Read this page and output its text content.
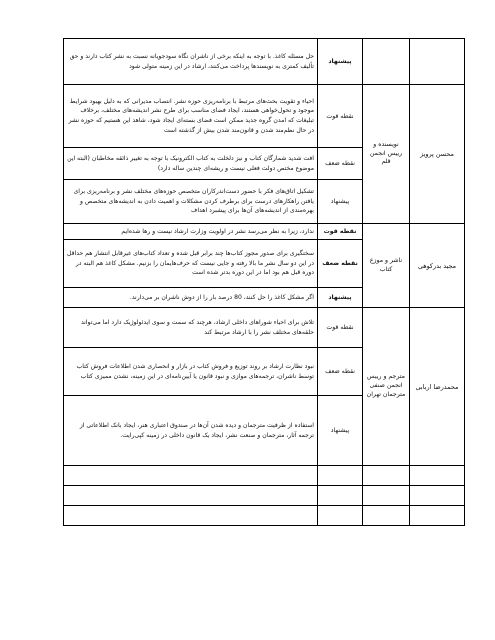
		پیشنهاد	حل مسئله کاغذ. با توجه به اینکه برخی از ناشران نگاه سودجویانه نسبت به نشر کتاب دارند و حق تألیف کمتری به نویسندها پرداخت می‌کنند، ارشاد در این زمینه متولی شود
محسن پرویز	نویسنده و رییس انجمن قلم	نقطه قوت	احیاء و تقویت بحث‌های مرتبط با برنامه‌ریزی حوزه نشر. انتصاب مدیرانی که به دلیل بهبود شرایط موجود و تحول‌خواهی هستند، ایجاد فضای مناسب برای طرح نشر اندیشه‌های مختلف، برخلاف تبلیغات که امدن گروه جدید ممکن است فضای بسته‌ای ایجاد شود، شاهد این هستیم که حوزه نشر در حال نظم‌مند شدن و قانون‌مند شدن بیش از گذشته است
		نقطه ضعف	افت شدید شمارگان کتاب و نیز دلخلت به کتاب الکترونیک با توجه به تغییر ذائقه مخاطبان (البته این موضوع مختص دولت فعلی نیست و ریشه‌ای چندین ساله دارد)
		پیشنهاد	تشکیل اتاق‌های فکر با حضور دست‌اندرکاران متخصص حوزه‌های مختلف نشر و برنامه‌ریزی برای یافتن راهکارهای درست برای برطرف کردن مشکلات و اهمیت دادن به اندیشه‌های متخصص و بهره‌مندی از اندیشه‌های آن‌ها برای پیشبرد اهداف
مجید بدرکوهی	ناشر و موزع کتاب	نقطه قوت	ندارد، زیرا به نظر می‌رسد نشر در اولویت وزارت ارشاد نیست و رها شده‌ایم
		نقطه ضعف	سختگیری برای صدور مجوز کتاب‌ها چند برابر قبل شده و تعداد کتاب‌های غیرقابل انتشار هم حداقل در این دو سال نشر ما بالا رفته و جایی نیست که حرف‌هایمان را بزنیم. مشکل کاغذ هم البته در دوره قبل هم بود اما در این دوره بدتر شده است
		پیشنهاد	اگر مشکل کاغذ را حل کنند، 80 درصد بار را از دوش ناشران بر می‌دارند.
محمدرضا اربابی	مترجم و رییس انجمن صنفی مترجمان تهران	نقطه قوت	تلاش برای احیاء شوراهای داخلی ارشاد، هرچند که سمت و سوی ایدئولوژیک دارد اما می‌تواند حلقه‌های مختلف نشر را با ارشاد مرتبط کند
		نقطه ضعف	نبود نظارت ارشاد بر روند توزیع و فروش کتاب در بازار و انحصاری شدن اطلاعات فروش کتاب توسط ناشران، ترجمه‌های موازی و نبود قانون یا آیین‌نامه‌ای در این زمینه، نشدن ممیزی کتاب
		پیشنهاد	استفاده از ظرفیت مترجمان و دیده شدن آن‌ها در صندوق اعتباری هنر، ایجاد بانک اطلاعاتی از ترجمه آثار، مترجمان و صنعت نشر، ایجاد یک قانون داخلی در زمینه کپی‌رایت.
